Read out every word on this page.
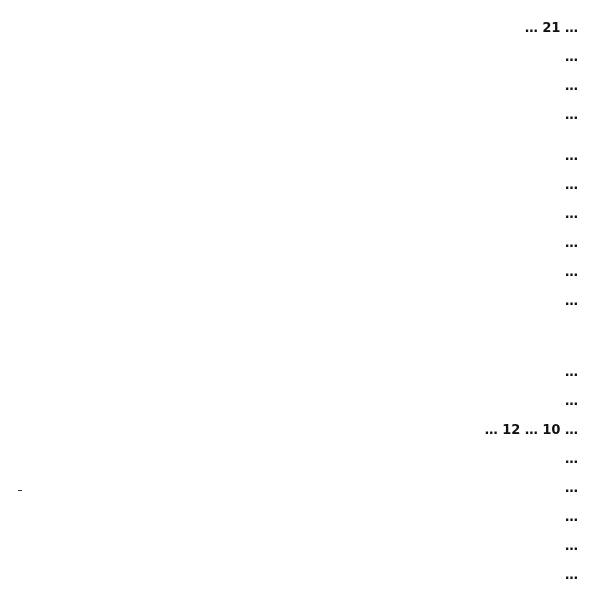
… 21 …
…
…
…
…
…
…
…
…
…
…
…
… 10 … 12 …
…
…
…
…
…
